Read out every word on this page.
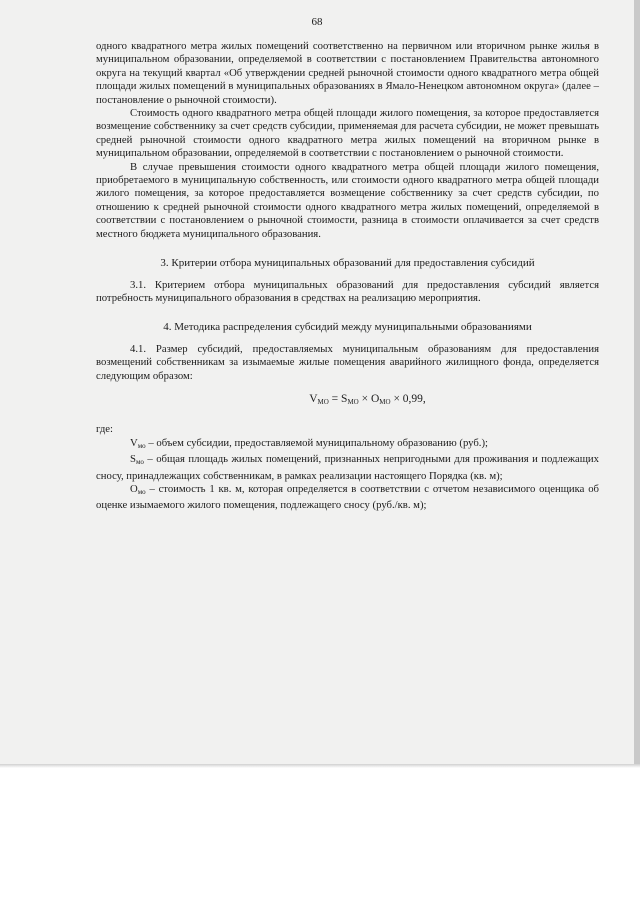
68

одного квадратного метра жилых помещений соответственно на первичном или вторичном рынке жилья в муниципальном образовании, определяемой в соответствии с постановлением Правительства автономного округа на текущий квартал «Об утверждении средней рыночной стоимости одного квадратного метра общей площади жилых помещений в муниципальных образованиях в Ямало-Ненецком автономном округа» (далее – постановление о рыночной стоимости).

Стоимость одного квадратного метра общей площади жилого помещения, за которое предоставляется возмещение собственнику за счет средств субсидии, применяемая для расчета субсидии, не может превышать средней рыночной стоимости одного квадратного метра жилых помещений на вторичном рынке в муниципальном образовании, определяемой в соответствии с постановлением о рыночной стоимости.

В случае превышения стоимости одного квадратного метра общей площади жилого помещения, приобретаемого в муниципальную собственность, или стоимости одного квадратного метра общей площади жилого помещения, за которое предоставляется возмещение собственнику за счет средств субсидии, по отношению к средней рыночной стоимости одного квадратного метра жилых помещений, определяемой в соответствии с постановлением о рыночной стоимости, разница в стоимости оплачивается за счет средств местного бюджета муниципального образования.

3. Критерии отбора муниципальных образований для предоставления субсидий

3.1. Критерием отбора муниципальных образований для предоставления субсидий является потребность муниципального образования в средствах на реализацию мероприятия.

4. Методика распределения субсидий между муниципальными образованиями

4.1. Размер субсидий, предоставляемых муниципальным образованиям для предоставления возмещений собственникам за изымаемые жилые помещения аварийного жилищного фонда, определяется следующим образом:

$V_{МО} = S_{МО} \times O_{МО} \times 0,99$,

где:

$V_{мо}$ – объем субсидии, предоставляемой муниципальному образованию (руб.);

$S_{мо}$ – общая площадь жилых помещений, признанных непригодными для проживания и подлежащих сносу, принадлежащих собственникам, в рамках реализации настоящего Порядка (кв. м);

$O_{мо}$ – стоимость 1 кв. м, которая определяется в соответствии с отчетом независимого оценщика об оценке изымаемого жилого помещения, подлежащего сносу (руб./кв. м);
